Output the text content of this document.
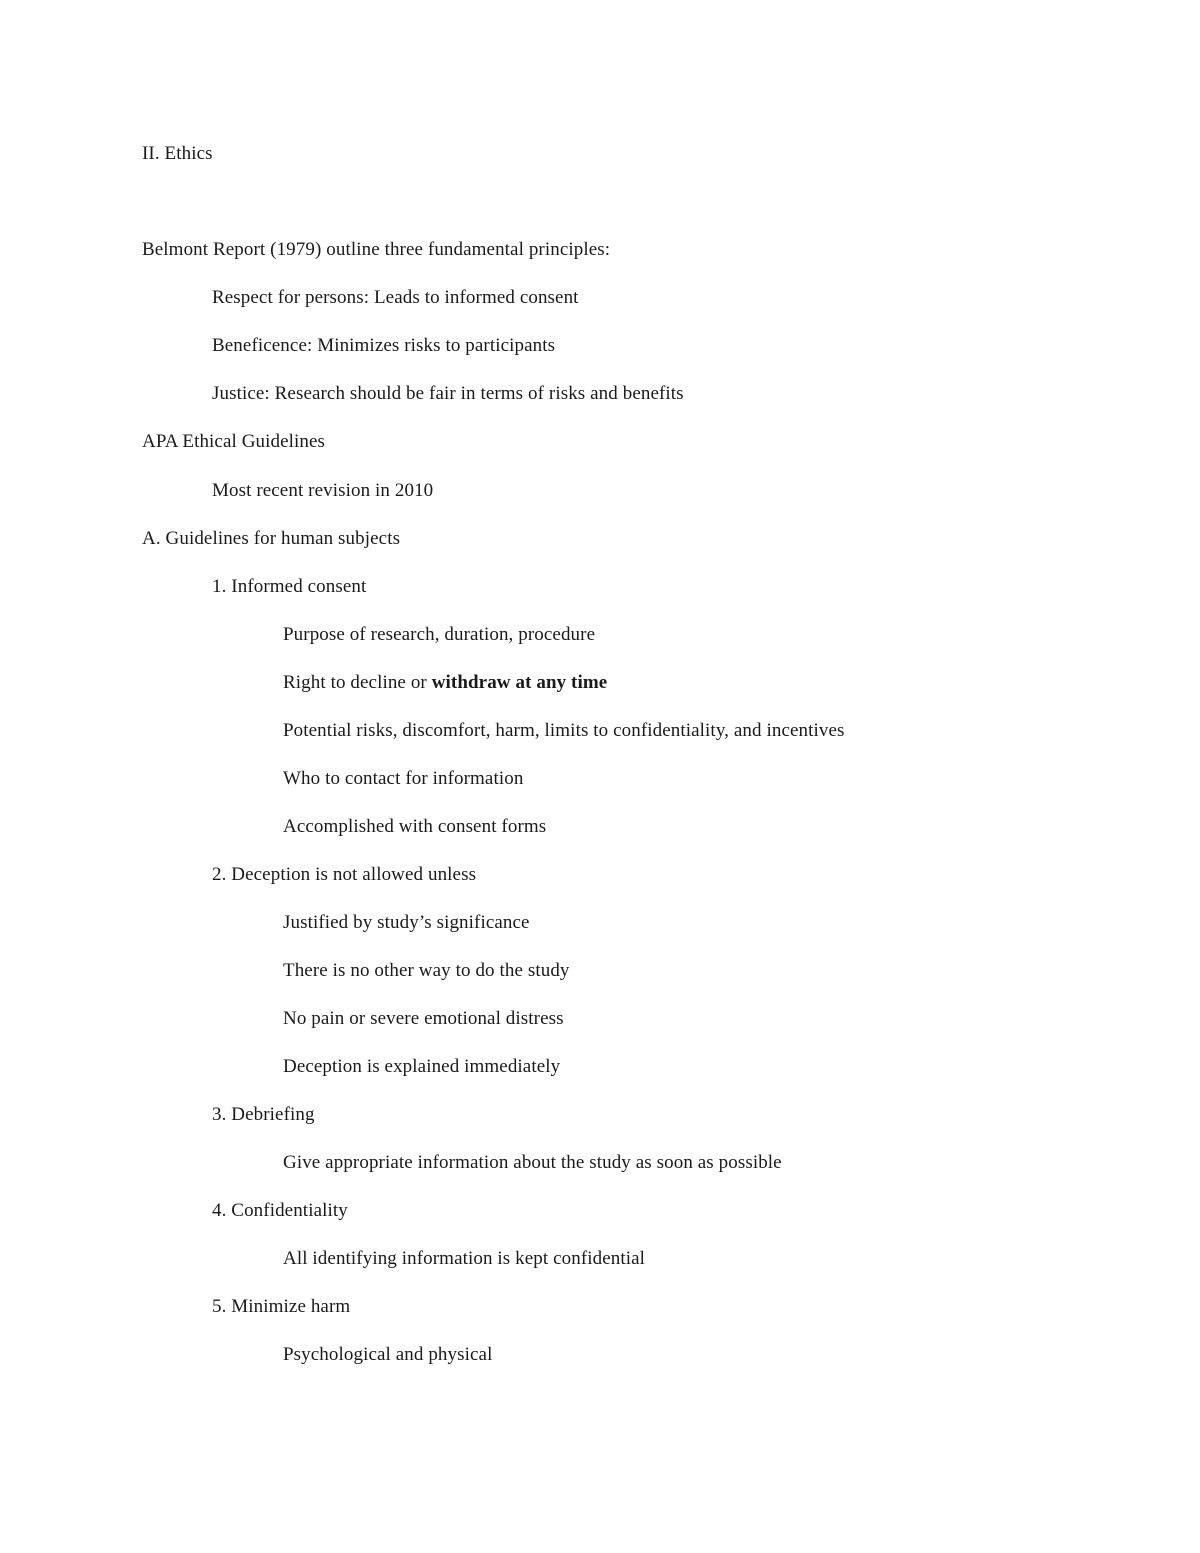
II. Ethics
Belmont Report (1979) outline three fundamental principles:
Respect for persons: Leads to informed consent
Beneficence: Minimizes risks to participants
Justice: Research should be fair in terms of risks and benefits
APA Ethical Guidelines
Most recent revision in 2010
A. Guidelines for human subjects
1. Informed consent
Purpose of research, duration, procedure
Right to decline or withdraw at any time
Potential risks, discomfort, harm, limits to confidentiality, and incentives
Who to contact for information
Accomplished with consent forms
2. Deception is not allowed unless
Justified by study’s significance
There is no other way to do the study
No pain or severe emotional distress
Deception is explained immediately
3. Debriefing
Give appropriate information about the study as soon as possible
4. Confidentiality
All identifying information is kept confidential
5. Minimize harm
Psychological and physical
